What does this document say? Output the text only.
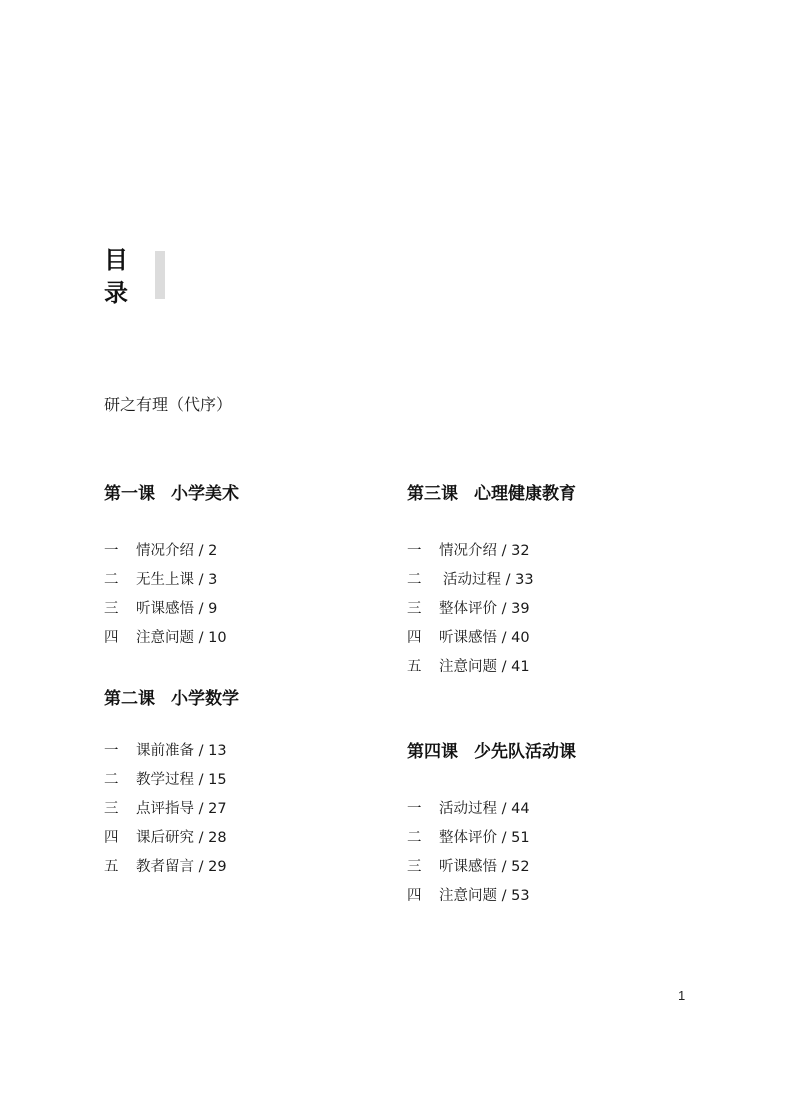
目
录
研之有理（代序）
第一课 小学美术
一	情况介绍 / 2
二	无生上课 / 3
三	听课感悟 / 9
四	注意问题 / 10
第二课 小学数学
一	课前准备 / 13
二	教学过程 / 15
三	点评指导 / 27
四	课后研究 / 28
五	教者留言 / 29
第三课 心理健康教育
一	情况介绍 / 32
二	活动过程 / 33
三	整体评价 / 39
四	听课感悟 / 40
五	注意问题 / 41
第四课 少先队活动课
一	活动过程 / 44
二	整体评价 / 51
三	听课感悟 / 52
四	注意问题 / 53
1
